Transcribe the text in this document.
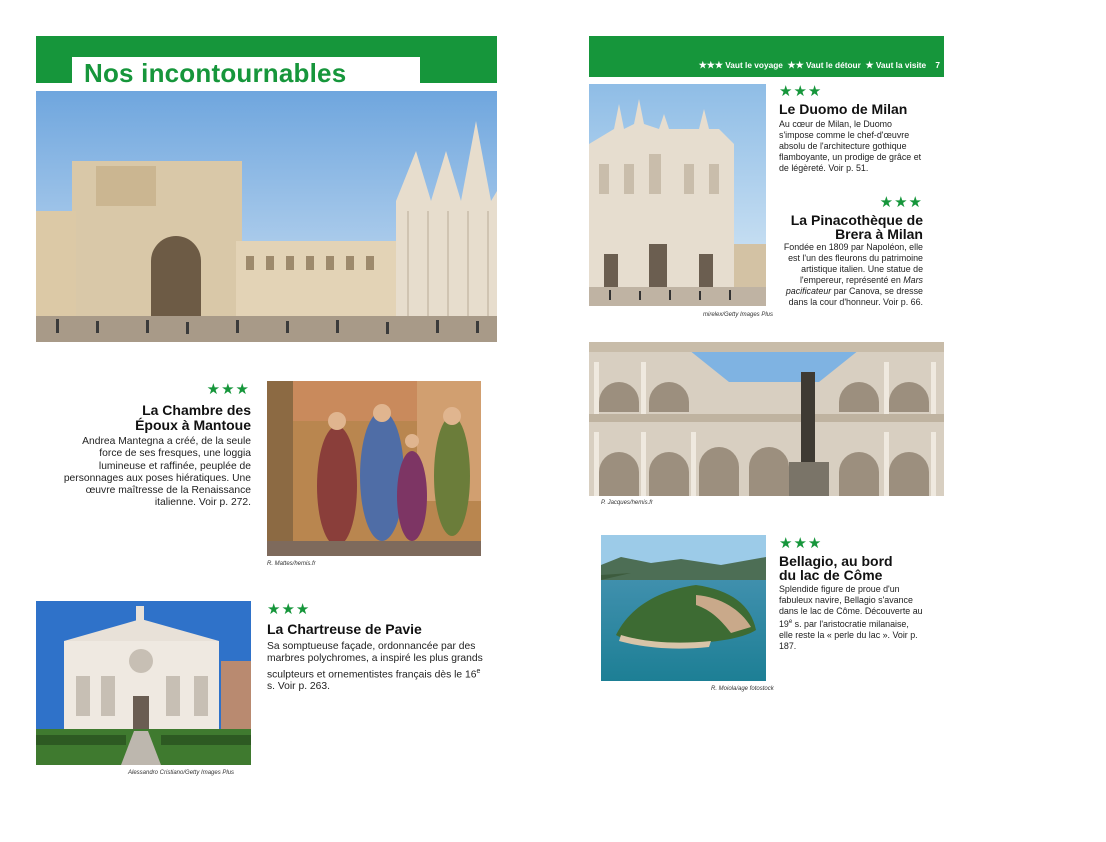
Nos incontournables
★★★
La Chambre des
Époux à Mantoue
Andrea Mantegna a créé, de la seule force de ses fresques, une loggia lumineuse et raffinée, peuplée de personnages aux poses hiératiques. Une œuvre maîtresse de la Renaissance italienne. Voir p. 272.
R. Mattes/hemis.fr
Alessandro Cristiano/Getty Images Plus
★★★
La Chartreuse de Pavie
Sa somptueuse façade, ordonnancée par des marbres polychromes, a inspiré les plus grands sculpteurs et ornementistes français dès le 16e s. Voir p. 263.
★★★ Vaut le voyage ★★ Vaut le détour ★ Vaut la visite 7
mirelex/Getty Images Plus
★★★
Le Duomo de Milan
Au cœur de Milan, le Duomo s'impose comme le chef-d'œuvre absolu de l'architecture gothique flamboyante, un prodige de grâce et de légèreté. Voir p. 51.
★★★
La Pinacothèque de
Brera à Milan
Fondée en 1809 par Napoléon, elle est l'un des fleurons du patrimoine artistique italien. Une statue de l'empereur, représenté en Mars pacificateur par Canova, se dresse dans la cour d'honneur. Voir p. 66.
P. Jacques/hemis.fr
R. Moiola/age fotostock
★★★
Bellagio, au bord
du lac de Côme
Splendide figure de proue d'un fabuleux navire, Bellagio s'avance dans le lac de Côme. Découverte au 19e s. par l'aristocratie milanaise, elle reste la « perle du lac ». Voir p. 187.
